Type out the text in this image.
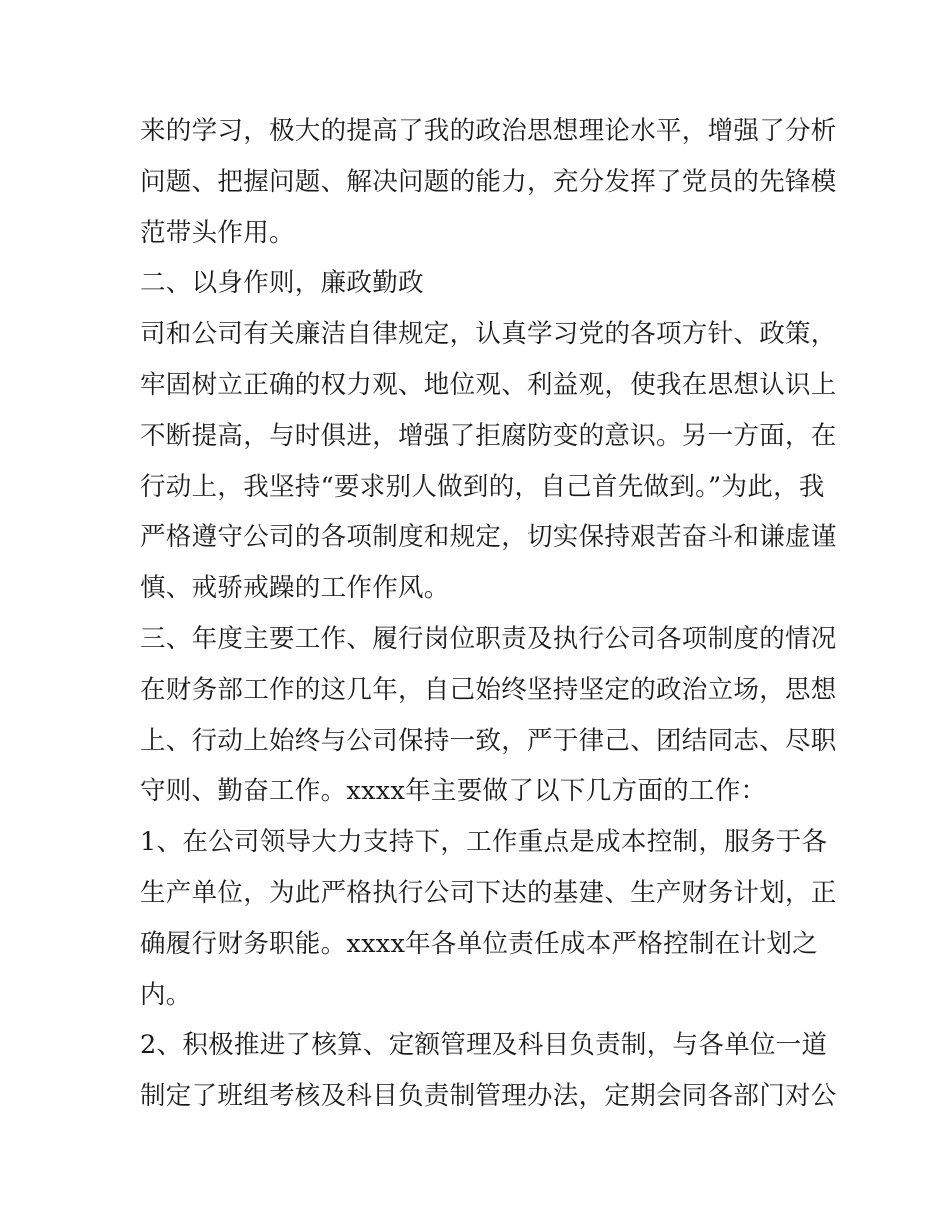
来的学习，极大的提高了我的政治思想理论水平，增强了分析
问题、把握问题、解决问题的能力，充分发挥了党员的先锋模
范带头作用。
二、以身作则，廉政勤政
司和公司有关廉洁自律规定，认真学习党的各项方针、政策，
牢固树立正确的权力观、地位观、利益观，使我在思想认识上
不断提高，与时俱进，增强了拒腐防变的意识。另一方面，在
行动上，我坚持“要求别人做到的，自己首先做到。”为此，我
严格遵守公司的各项制度和规定，切实保持艰苦奋斗和谦虚谨
慎、戒骄戒躁的工作作风。
三、年度主要工作、履行岗位职责及执行公司各项制度的情况
在财务部工作的这几年，自己始终坚持坚定的政治立场，思想
上、行动上始终与公司保持一致，严于律己、团结同志、尽职
守则、勤奋工作。xxxx年主要做了以下几方面的工作：
1、在公司领导大力支持下，工作重点是成本控制，服务于各
生产单位，为此严格执行公司下达的基建、生产财务计划，正
确履行财务职能。xxxx年各单位责任成本严格控制在计划之
内。
2、积极推进了核算、定额管理及科目负责制，与各单位一道
制定了班组考核及科目负责制管理办法，定期会同各部门对公
